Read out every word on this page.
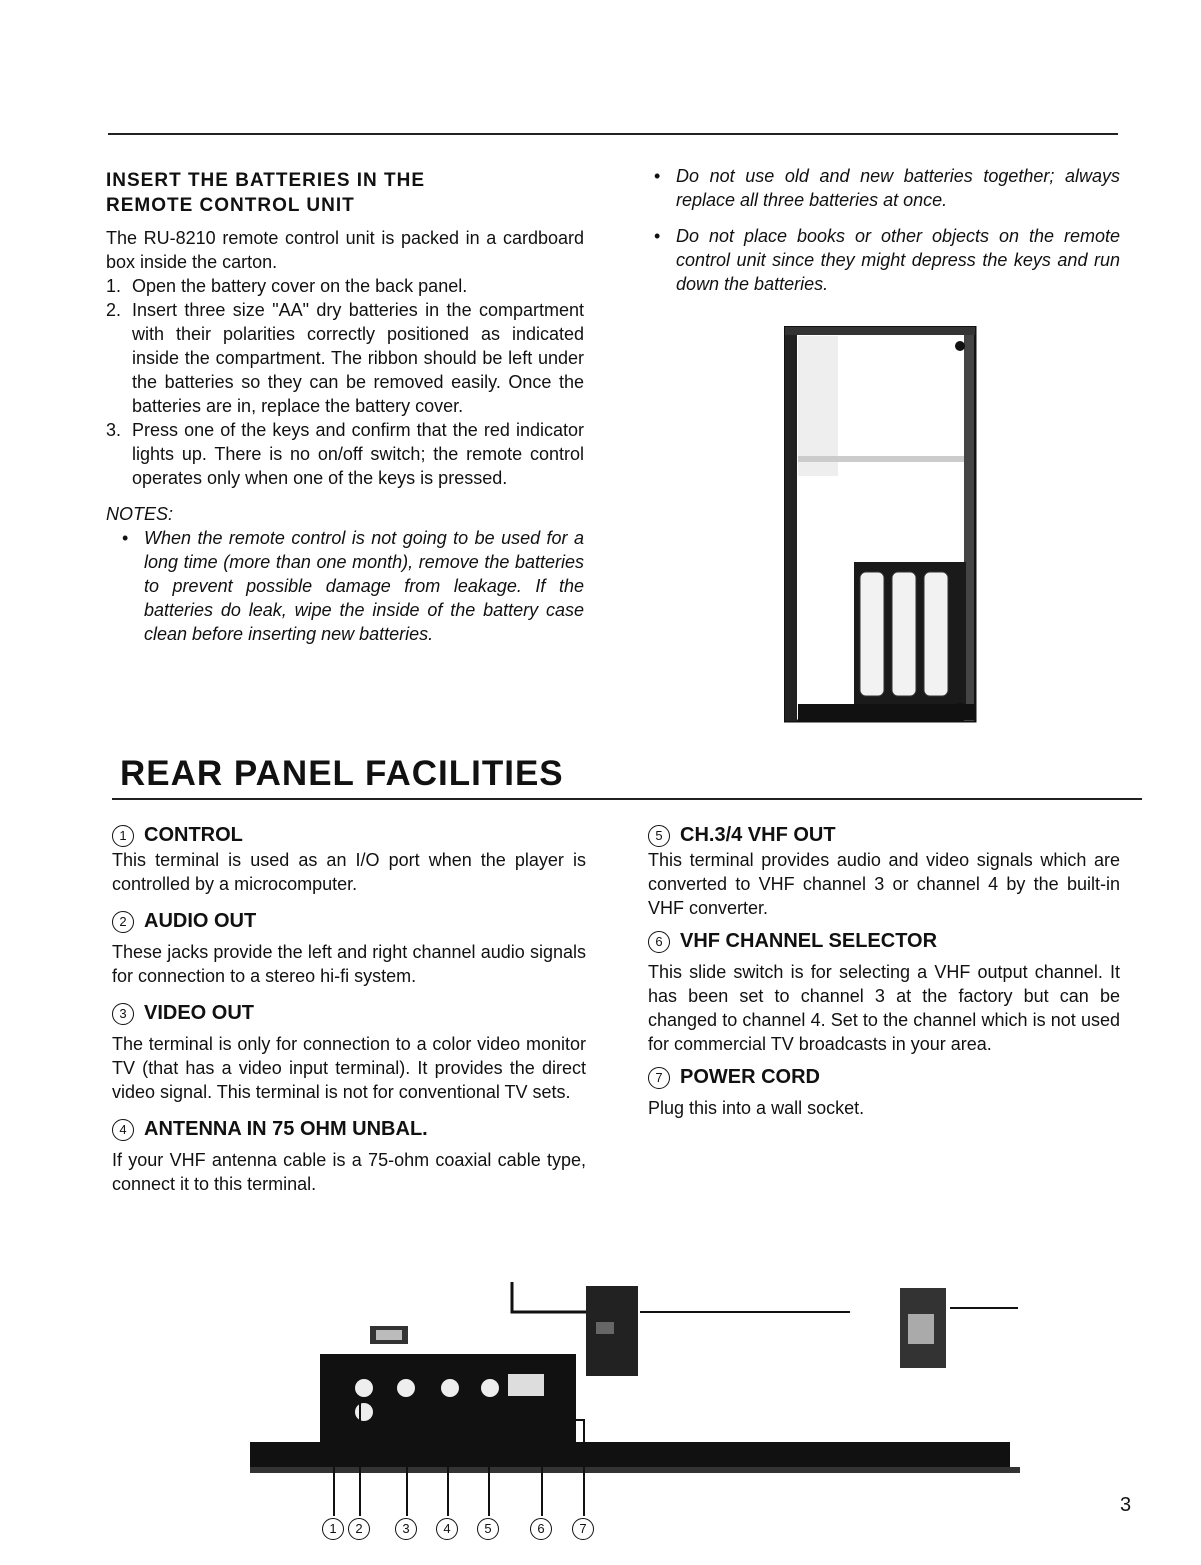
INSERT THE BATTERIES IN THE
REMOTE CONTROL UNIT
The RU-8210 remote control unit is packed in a cardboard box inside the carton.
1. Open the battery cover on the back panel.
2. Insert three size "AA" dry batteries in the compartment with their polarities correctly positioned as indicated inside the compartment. The ribbon should be left under the batteries so they can be removed easily. Once the batteries are in, replace the battery cover.
3. Press one of the keys and confirm that the red indicator lights up. There is no on/off switch; the remote control operates only when one of the keys is pressed.
NOTES:
• When the remote control is not going to be used for a long time (more than one month), remove the batteries to prevent possible damage from leakage. If the batteries do leak, wipe the inside of the battery case clean before inserting new batteries.
• Do not use old and new batteries together; always replace all three batteries at once.
• Do not place books or other objects on the remote control unit since they might depress the keys and run down the batteries.
REAR PANEL FACILITIES
1 CONTROL
This terminal is used as an I/O port when the player is controlled by a microcomputer.
2 AUDIO OUT
These jacks provide the left and right channel audio signals for connection to a stereo hi-fi system.
3 VIDEO OUT
The terminal is only for connection to a color video monitor TV (that has a video input terminal). It provides the direct video signal. This terminal is not for conventional TV sets.
4 ANTENNA IN 75 OHM UNBAL.
If your VHF antenna cable is a 75-ohm coaxial cable type, connect it to this terminal.
5 CH.3/4 VHF OUT
This terminal provides audio and video signals which are converted to VHF channel 3 or channel 4 by the built-in VHF converter.
6 VHF CHANNEL SELECTOR
This slide switch is for selecting a VHF output channel. It has been set to channel 3 at the factory but can be changed to channel 4. Set to the channel which is not used for commercial TV broadcasts in your area.
7 POWER CORD
Plug this into a wall socket.
1	2	3	4	5	6	7
3
